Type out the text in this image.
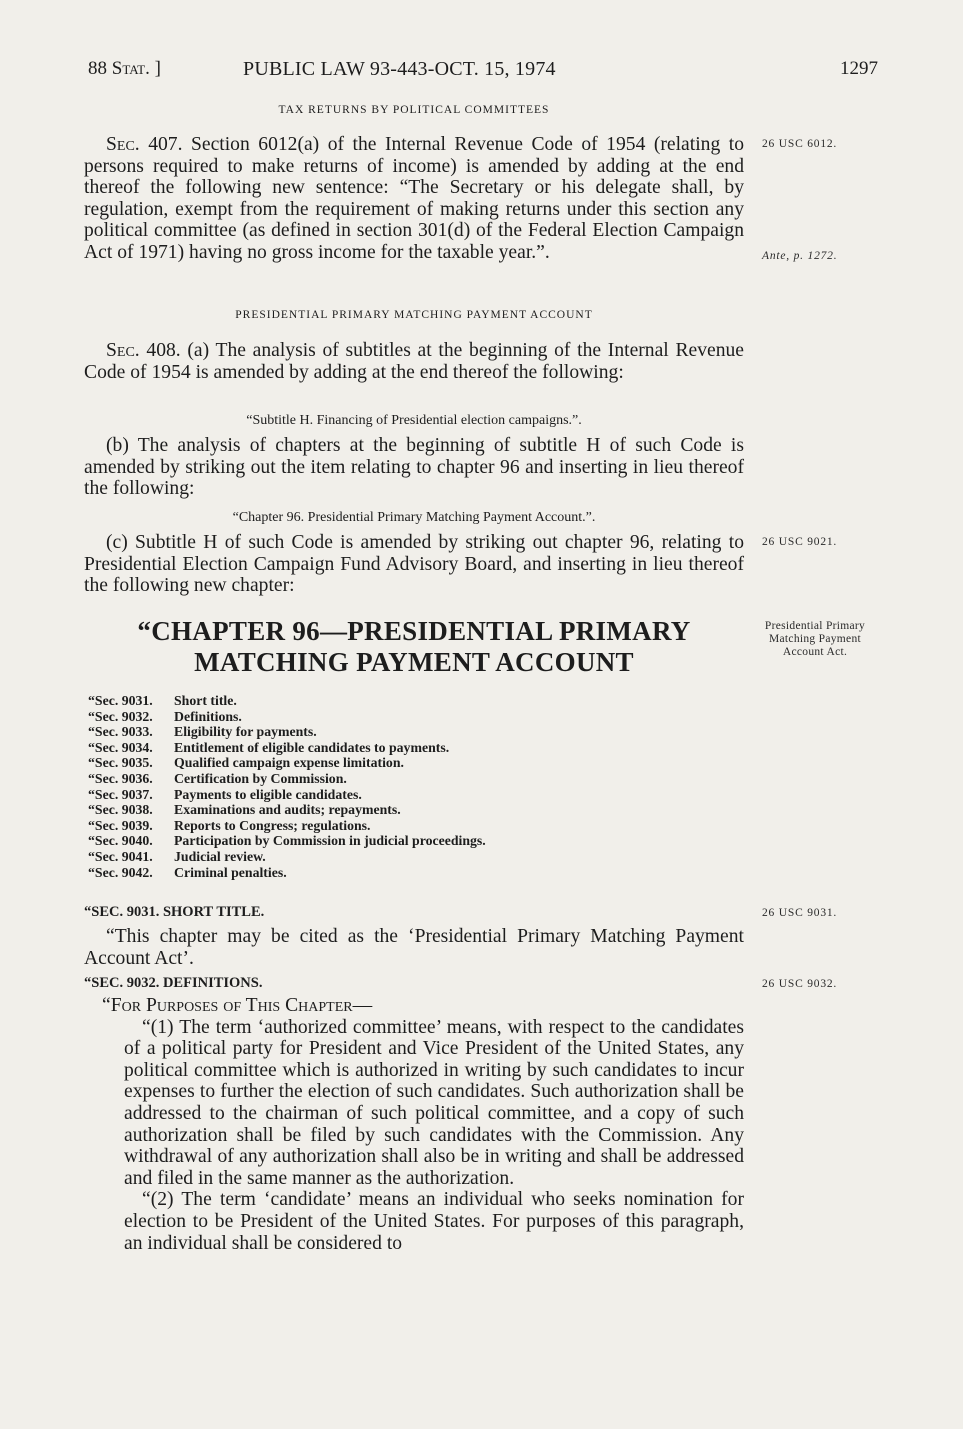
88 Stat. ]	PUBLIC LAW 93-443-OCT. 15, 1974	1297
TAX RETURNS BY POLITICAL COMMITTEES

Sec. 407. Section 6012(a) of the Internal Revenue Code of 1954 (relating to persons required to make returns of income) is amended by adding at the end thereof the following new sentence: “The Secretary or his delegate shall, by regulation, exempt from the requirement of making returns under this section any political committee (as defined in section 301(d) of the Federal Election Campaign Act of 1971) having no gross income for the taxable year.”.

PRESIDENTIAL PRIMARY MATCHING PAYMENT ACCOUNT

Sec. 408. (a) The analysis of subtitles at the beginning of the Internal Revenue Code of 1954 is amended by adding at the end thereof the following:

“Subtitle H. Financing of Presidential election campaigns.”.

(b) The analysis of chapters at the beginning of subtitle H of such Code is amended by striking out the item relating to chapter 96 and inserting in lieu thereof the following:

“Chapter 96. Presidential Primary Matching Payment Account.”.

(c) Subtitle H of such Code is amended by striking out chapter 96, relating to Presidential Election Campaign Fund Advisory Board, and inserting in lieu thereof the following new chapter:

“CHAPTER 96—PRESIDENTIAL PRIMARY
MATCHING PAYMENT ACCOUNT
“Sec. 9031. Short title.
“Sec. 9032. Definitions.
“Sec. 9033. Eligibility for payments.
“Sec. 9034. Entitlement of eligible candidates to payments.
“Sec. 9035. Qualified campaign expense limitation.
“Sec. 9036. Certification by Commission.
“Sec. 9037. Payments to eligible candidates.
“Sec. 9038. Examinations and audits; repayments.
“Sec. 9039. Reports to Congress; regulations.
“Sec. 9040. Participation by Commission in judicial proceedings.
“Sec. 9041. Judicial review.
“Sec. 9042. Criminal penalties.
“SEC. 9031. SHORT TITLE.

“This chapter may be cited as the ‘Presidential Primary Matching Payment Account Act’.

“SEC. 9032. DEFINITIONS.

“For Purposes of This Chapter—

“(1) The term ‘authorized committee’ means, with respect to the candidates of a political party for President and Vice President of the United States, any political committee which is authorized in writing by such candidates to incur expenses to further the election of such candidates. Such authorization shall be addressed to the chairman of such political committee, and a copy of such authorization shall be filed by such candidates with the Commission. Any withdrawal of any authorization shall also be in writing and shall be addressed and filed in the same manner as the authorization.

“(2) The term ‘candidate’ means an individual who seeks nomination for election to be President of the United States. For purposes of this paragraph, an individual shall be considered to

26 USC 6012.
Ante, p. 1272.
26 USC 9021.
Presidential Primary Matching Payment Account Act.
26 USC 9031.
26 USC 9032.
